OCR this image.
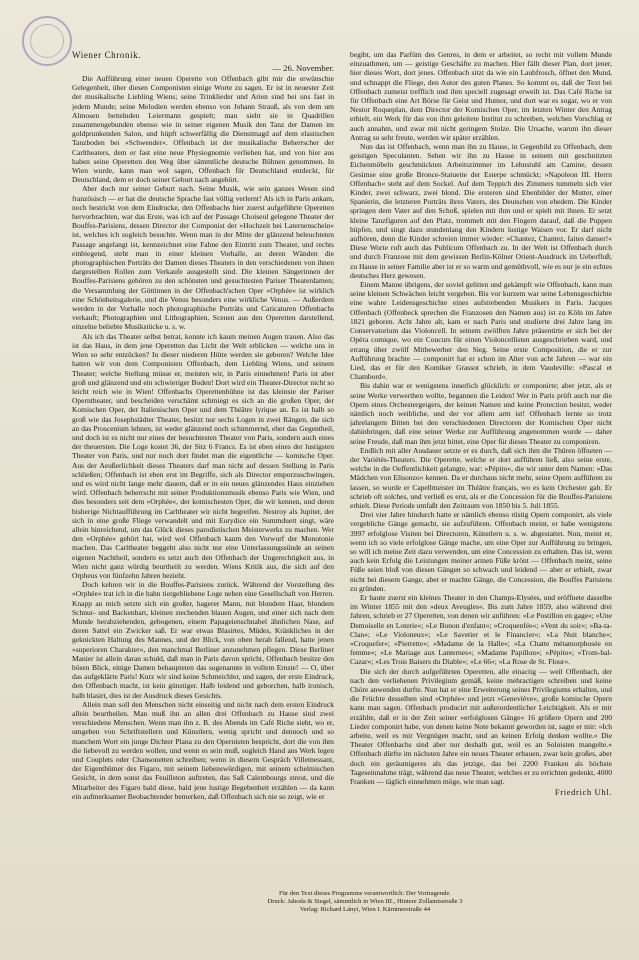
Wiener Chronik.
— 26. November.

Die Aufführung einer neuen Operette von Offenbach gibt mir die erwünschte Gelegenheit, über diesen Componisten einige Worte zu sagen. Er ist in neuester Zeit der musikalische Liebling Wiens; seine Trinklieder und Arien sind bei uns fast in jedem Munde; seine Melodien werden ebenso von Johann Strauß, als von dem um Almosen bettelnden Leiermann gespielt; man sieht sie in Quadrillen zusammengebunden ebenso wie in seiner eigenen Musik den Tanz der Damen im goldprunkenden Salon, und hüpft schwerfällig die Dienstmagd auf dem elastischen Tanzboden bei »Schwender«. Offenbach ist der musikalische Beherrscher der Carltheaters, dem er fast eine neue Physiognomie verliehen hat, und von hier aus haben seine Operetten den Weg über sämmtliche deutsche Bühnen genommen. In Wien wurde, kann man wol sagen, Offenbach für Deutschland entdeckt, für Deutschland, dem er doch seiner Geburt nach angehört.

Aber doch nur seiner Geburt nach. Seine Musik, wie sein ganzes Wesen sind französisch — er hat die deutsche Sprache fast völlig verlernt! Als ich in Paris ankam, noch bestrickt von dem Eindrucke, den Offenbachs hier zuerst aufgeführte Operetten hervorbrachten, war das Erste, was ich auf der Passage Choiseul gelegene Theater der Bouffes-Parisiens, dessen Director der Componist der »Hochzeit bei Laternenschein« ist, welches ich sogleich besuchte. Wenn man in der Mitte der glänzend beleuchteten Passage angelangt ist, kennzeichnet eine Fahne den Eintritt zum Theater, und rechts einbiegend, steht man in einer kleinen Vorhalle, an deren Wänden die photographischen Porträts der Damen dieses Theaters in den verschiedenen von ihnen dargestellten Rollen zum Verkaufe ausgestellt sind. Die kleinen Sängerinnen der Bouffes-Parisiens gehören zu den schönsten und gesuchtesten Pariser Theaterdamen; die Versammlung der Göttinnen in der Offenbach'schen Oper »Orphée« ist wirklich eine Schönheitsgalerie, und die Venus besonders eine wirkliche Venus. — Außerdem werden in der Vorhalle noch photographische Porträts und Caricaturen Offenbachs verkauft; Photographien und Lithographien, Scenen aus den Operetten darstellend, einzelne beliebte Musikstücke u. s. w.

Als ich das Theater selbst betrat, konnte ich kaum meinen Augen trauen. Also das ist das Haus, in dem jene Operetten das Licht der Welt erblicken — welche uns in Wien so sehr entzücken? In dieser niederen Hütte werden sie geboren? Welche Idee hatten wir von dem Componisten Offenbach, dem Liebling Wiens, und seinem Theater; welche Stellung müsse er, meinten wir, in Paris einnehmen! Paris ist aber groß und glänzend und ein schwieriger Boden! Dort wird ein Theater-Director nicht so leicht reich wie in Wien! Offenbachs Operettenbühne ist das kleinste der Pariser Operntheater, und bescheiden verschämt schmiegt es sich an die großen Oper, der Komischen Oper, der Italienischen Oper und dem Théâtre lyrique an. Es ist halb so groß wie das Josephstädter Theater, besitzt nur sechs Logen in zwei Rängen, die sich an das Proscenium lehnen, ist weder glänzend noch schimmernd, eher das Gegentheil, und doch ist es nicht nur eines der besuchtesten Theater von Paris, sondern auch eines der theuersten. Die Loge kostet 36, der Sitz 6 Francs. Es ist eben eines der lustigsten Theater von Paris, und nur noch dort findet man die eigentliche — komische Oper. Aus der Aeußerlichkeit dieses Theaters darf man nicht auf dessen Stellung in Paris schließen; Offenbach ist eben erst im Begriffe, sich als Director emporzuschwingen, und es wird nicht lange mehr dauern, daß er in ein neues glänzendes Haus einziehen wird. Offenbach beherrscht mit seiner Produktionsmusik ebenso Paris wie Wien, und dies besonders seit dem »Orphée«, der komischesten Oper, die wir kennen, und deren bisherige Nichtaufführung im Carltheater wir nicht begreifen. Nestroy als Jupiter, der sich in eine große Fliege verwandelt und mit Eurydice ein Summduett singt, wäre allein hinreichend, um das Glück dieses parodistischen Meisterwerks zu machen. Wer den »Orphée« gehört hat, wird wol Offenbach kaum den Vorwurf der Monotonie machen. Das Carltheater beggeht also nicht nur eine Unterlassungssünde an seinen eigenen Nachtheil, sondern es setzt auch den Offenbach der Ungerechtigkeit aus, in Wien nicht ganz würdig beurtheilt zu werden. Wiens Kritik aus, die sich auf den Orpheus von fünfzehn Jahren bezieht.

Doch kehren wir in die Bouffes-Parisiens zurück. Während der Vorstellung des »Orphée« trat ich in die bahn tiergebliebene Loge neben eine Gesellschaft von Herren. Knapp an mich setzte sich ein großer, hagerer Mann, mit blondem Haar, blondem Schnur- und Backenbart, kleinen stechenden blauen Augen, und einer sich nach dem Munde herabziehenden, gebogenen, einem Papageienschnabel ähnlichen Nase, auf deren Sattel ein Zwicker saß. Er war etwas Blasirtes, Müdes, Kränkliches in der geknickten Haltung des Mannes, und der Blick, von oben herab fallend, hatte jenen »superioren Charakter«, den manchmal Berliner anzunehmen pflegen. Diese Berliner Manier ist allein daran schuld, daß man in Paris davon spricht, Offenbach besitze den bösen Blick, einige Damen behaupteten das sogenannte in vollem Ernste! — O, über das aufgeklärte Paris! Kurz wir sind keine Schmeichler, und sagen, der erste Eindruck, den Offenbach macht, ist kein günstiger. Halb leidend und geborchen, halb ironisch, halb blasirt, dies ist der Ausdruck dieses Gesichts.

Allein man soll den Menschen nicht einseitig und nicht nach dem ersten Eindruck allein beurtheilen. Man muß ihn an allen drei Offenbach zu Hause sind zwei verschiedene Menschen. Wenn man ihn z. B. des Abends im Café Riche sieht, wo er, umgeben von Schriftstellern und Künstlern, wenig spricht und dennoch und so manchem Wort ein junge Dichter Plana zu den Opernisten bespricht, dort die von ihm die liebevoll zu werden wollen, und wenn es sein muß, sogleich Hand ans Werk legen und Couplets oder Chansonetten schreiben; wenn in diesem Gespräch Villemessant, der Eigenthümer des Figaro, mit seinem liebenswürdigen, mit seinem schelmischen Gesicht, in dem sonst das Feuilleton auftreten, das Saß Calembourgs streut, und die Mitarbeiter des Figaro bald diese, bald jene lustige Begebenheit erzählen — da kann ein aufmerksamer Beobachtender bemerken, daß Offenbach sich nie so zeigt, wie er

begibt, um das Parfüm des Genres, in dem er arbeitet, so recht mit vollem Munde einzuathmen, um — geistige Geschäfte zu machen. Hier fällt dieser Plan, dort jener, hier dieses Wort, dort jenes. Offenbach sitzt da wie ein Laubfrosch, öffnet den Mund, und schnappt die Fliege, den Autor des guten Planes. So kommt es, daß der Text bei Offenbach zumeist trefflich und ihm speciell zugesagt erweilt ist. Das Café Riche ist für Offenbach eine Art Börse für Geist und Humor, und dort war es sogar, wo er von Nestor Roqueplan, dem Director der Komischen Oper, im letzten Winter den Antrag erhielt, ein Werk für das von ihm geleitete Institut zu schreiben, welchen Vorschlag er auch annahm, und zwar mit nicht geringem Stolze. Die Ursache, warum ihn dieser Antrag so sehr freute, werden wir später erzählen.

Nun das ist Offenbach, wenn man ihn zu Hause, in Gegenbild zu Offenbach, dem geistigen Speculanten. Sehen wir ihn zu Hause in seinem mit geschnitzten Eichenmöbeln geschmückten Arbeitszimmer im Lehnstuhl am Camine, dessen Gesimse eine große Bronce-Statuette der Esterpe schmückt; »Napoleon III. Herrn Offenbach« steht auf dem Sockel. Auf dem Teppich des Zimmers tummeln sich vier Kinder, zwei schwarz, zwei blond. Die ersteren sind Ebenbilder der Mutter, einer Spanierin, die letzteren Porträts ihres Vaters, des Deutschen von ehedem. Die Kinder springen dem Vater auf den Schoß, spielen mit ihm und er spielt mit ihnen. Er setzt kleine Tanzfiguren auf den Platz, trommelt mit den Fingern darauf, daß die Puppen hüpfen, und singt dazu stundenlang den Kindern lustige Waisen vor. Er darf nicht aufhören, denn die Kinder schreien immer wieder: »Chantez, Chantez, faites danser!« Diese Worte ruft auch das Publicum Offenbach zu. In der Welt ist Offenbach durch und durch Franzose mit dem gewissen Berlin-Kölner Orient-Ausdruck im Ueberfluß; zu Hause in seiner Familie aber ist er so warm und gemüthvoll, wie es nur je ein echtes deutsches Herz gewesen.

Einem Manne übrigens, der soviel gelitten und gekämpft wie Offenbach, kann man seine kleinen Schwächen leicht vergeben. Bis vor kurzem war seine Lebensgeschichte eine wahre Leidensgeschichte eines aufstrebenden Musikers in Paris. Jacques Offenbach (Offenbeck sprechen die Franzosen den Namen aus) ist zu Köln im Jahre 1821 geboren. Acht Jahre alt, kam er nach Paris und studierte drei Jahre lang im Conservatorium das Violoncell. In seinem zwölften Jahre präsentirte er sich bei der Opéra comique, wo ein Concurs für einen Violoncellisten ausgeschrieben ward, und errang über zwölf Mitbewerber den Sieg. Seine erste Composition, die er zur Aufführung brachte — componirt hat er schon im Alter von acht Jahren — war ein Lied, das er für den Komiker Grassot schrieb, in dem Vaudeville: »Pascal et Chambord«.

Bis dahin war er wenigstens innerlich glücklich: er componirte; aber jetzt, als er seine Werke verwerthen wollte, begannen die Leiden! Wer in Paris prüft auch nur die Opern eines Orchestergeigers, der keinen Namen und keine Protection besitzt, weder nämlich noch weibliche, und der vor allem arm ist! Offenbach lernte so trotz jahrelangem Bitten bei den verschiedenen Directoren der Komischen Oper nicht dahinbringen, daß eine seiner Werke zur Aufführung angenommen wurde — daher seine Freude, daß man ihm jetzt bittet, eine Oper für dieses Theater zu componiren.

Endlich mit aller Ausdauer setzte er es durch, daß sich ihm die Thüren öffneten — der Variétés-Theaters. Die Operette, welche er dort aufführen ließ, also seine erste, welche in die Oeffentlichkeit gelangte, war: »Pépito«, die wir unter dem Namen: »Das Mädchen von Elisonzo« kennen. Da er durchaus nicht mehr, seine Opern aufführen zu lassen, so wurde er Capellmeister im Théâtre français, wo es kein Orchester gab. Er schrieb oft solches, und verließ es erst, als er die Concession für die Bouffes-Parisiens erhielt. Diese Periode umfaßt den Zeitraum von 1850 bis 5. Juli 1855.

Drei vier Jahre hindurch hatte er nämlich ebenso rüstig Opern componirt, als viele vergebliche Gänge gemacht, sie aufzuführen. Offenbach meint, er habe wenigstens 3997 erfolglose Visiten bei Directoren, Künstlern u. s. w. abgestattet. Nun, meint er, wenn ich so viele erfolglose Gänge mache, um eine Oper zur Aufführung zu bringen, so will ich meine Zeit dazu verwenden, um eine Concession zu erhalten. Das ist, wenn auch kein Erfolg die Leistungen meiner armen Füße krönt — Offenbach meint, seine Füße seien bloß von diesen Gängen so schwach und leidend — aber er erhielt, zwar nicht bei diesem Gange, aber er machte Gänge, die Concession, die Bouffes Parisiens zu gründen.

Er baute zuerst ein kleines Theater in den Champs-Elysées, und eröffnete dasselbe im Winter 1855 mit den »deux Aveugles«. Bis zum Jahre 1859, also während drei Jahren, schrieb er 27 Operetten, von denen wir anführen: »Le Postillon en gage«; »Une Demoiselle en Loterie«; »Le Bonon d'enfant«; »Croquenfée«; »Vent du soir«; »Ba-ta-Clan«; »Le Violoneux«; »Le Savetier et le Financier«; »La Nuit blanche«; »Croquefer«; »Pierrette«; »Madame de la Halle«; »La Chatte métamorphosée en femme«; »Le Mariage aux Lanternes«; »Madame Papillon«; »Pépito«; »Trom-bal-Cazar«; »Les Trois Baisers du Diable«; »Le 66«; »La Rose de St. Flour«.

Die sich der durch aufgeführten Operetten, alle einactig — weil Offenbach, der nach den verliehenen Privilegium gemäß, keine mehractigen schreiben und keine Chöre anwenden durfte. Nun hat er eine Erweiterung seines Privilegiums erhalten, und die Früchte desselben sind »Orphée« und jetzt »Geneviève«, große komische Opern kann man sagen. Offenbach producirt mit außerordentlicher Leichtigkeit. Als er mir erzählte, daß er in der Zeit seiner »erfolglosen Gänge« 16 größere Opern und 200 Lieder componirt habe, von denen keine Note bekannt geworden ist, sagte er mir: »Ich arbeite, weil es mir Vergnügen macht, und an keinen Erfolg denken wollte.« Die Theater Offenbachs sind aber nur deshalb gut, weil es an Soloisten mangelte.« Offenbach dürfte im nächsten Jahre ein neues Theater erbauen, zwar kein großes, aber doch ein geräumigeres als das jetzige, das bei 2200 Franken als höchste Tageseinnahme trägt, während das neue Theater, welches er zu errichten gedenkt, 4000 Franken — täglich einnehmen möge, wie man sagt.

Friedrich Uhl.
Für den Text dieses Programms verantwortlich: Der Vortragende.
Druck: Jahoda & Siegel, sämmtlich in Wien III., Hintere Zollamtsstraße 3
Verlag: Richard Lányi, Wien I. Kärntnerstraße 44
